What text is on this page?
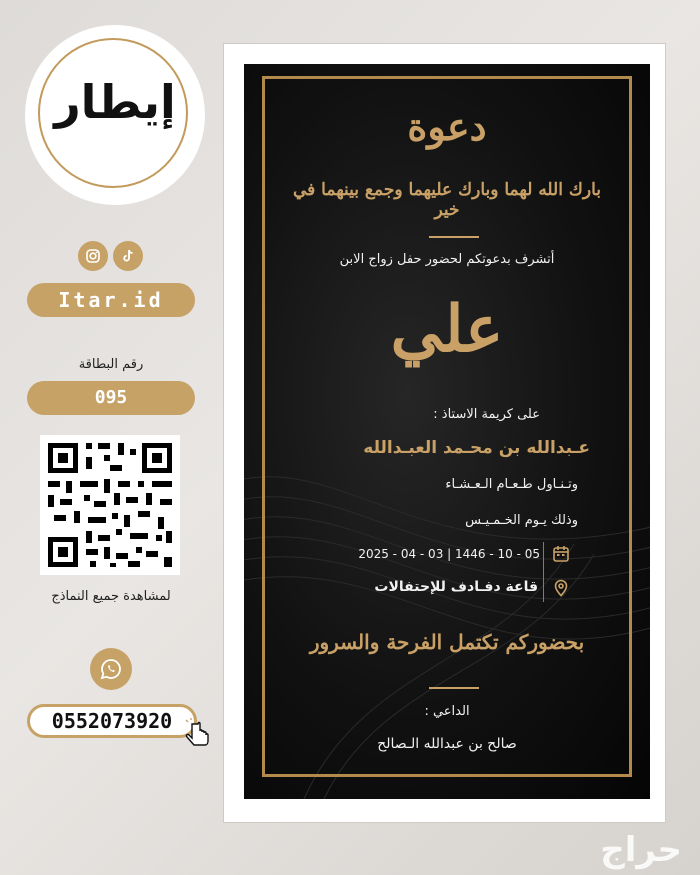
إيطار
Itar.id
رقم البطاقة
095
لمشاهدة جميع النماذج
0552073920
دعوة
بارك الله لهما وبارك عليهما وجمع بينهما في خير
أتشرف بدعوتكم لحضور حفل زواج الابن
علي
على كريمة الاستاذ :
عـبدالله بن محـمد العبـدالله
وتـنـاول طـعـام الـعـشـاء
وذلك يـوم الخـمـيـس
2025 - 04 - 03 | 1446 - 10 - 05
قاعة دفـادف للإحتفالات
بحضوركم تكتمل الفرحة والسرور
الداعي :
صالح بن عبدالله الـصالح
حراج
